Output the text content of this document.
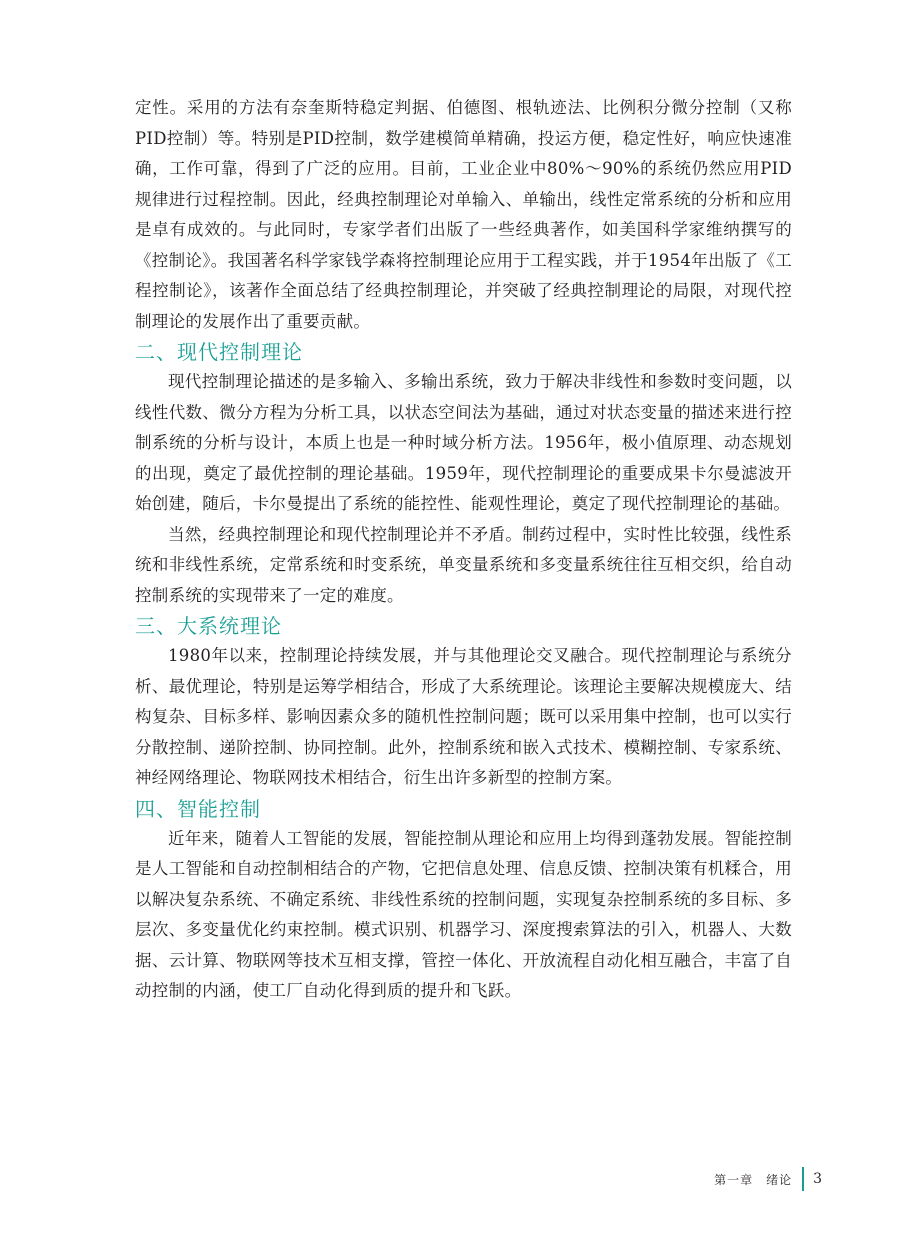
定性。采用的方法有奈奎斯特稳定判据、伯德图、根轨迹法、比例积分微分控制（又称PID控制）等。特别是PID控制，数学建模简单精确，投运方便，稳定性好，响应快速准确，工作可靠，得到了广泛的应用。目前，工业企业中80%～90%的系统仍然应用PID规律进行过程控制。因此，经典控制理论对单输入、单输出，线性定常系统的分析和应用是卓有成效的。与此同时，专家学者们出版了一些经典著作，如美国科学家维纳撰写的《控制论》。我国著名科学家钱学森将控制理论应用于工程实践，并于1954年出版了《工程控制论》，该著作全面总结了经典控制理论，并突破了经典控制理论的局限，对现代控制理论的发展作出了重要贡献。

二、现代控制理论

现代控制理论描述的是多输入、多输出系统，致力于解决非线性和参数时变问题，以线性代数、微分方程为分析工具，以状态空间法为基础，通过对状态变量的描述来进行控制系统的分析与设计，本质上也是一种时域分析方法。1956年，极小值原理、动态规划的出现，奠定了最优控制的理论基础。1959年，现代控制理论的重要成果卡尔曼滤波开始创建，随后，卡尔曼提出了系统的能控性、能观性理论，奠定了现代控制理论的基础。

当然，经典控制理论和现代控制理论并不矛盾。制药过程中，实时性比较强，线性系统和非线性系统，定常系统和时变系统，单变量系统和多变量系统往往互相交织，给自动控制系统的实现带来了一定的难度。

三、大系统理论

1980年以来，控制理论持续发展，并与其他理论交叉融合。现代控制理论与系统分析、最优理论，特别是运筹学相结合，形成了大系统理论。该理论主要解决规模庞大、结构复杂、目标多样、影响因素众多的随机性控制问题；既可以采用集中控制，也可以实行分散控制、递阶控制、协同控制。此外，控制系统和嵌入式技术、模糊控制、专家系统、神经网络理论、物联网技术相结合，衍生出许多新型的控制方案。

四、智能控制

近年来，随着人工智能的发展，智能控制从理论和应用上均得到蓬勃发展。智能控制是人工智能和自动控制相结合的产物，它把信息处理、信息反馈、控制决策有机糅合，用以解决复杂系统、不确定系统、非线性系统的控制问题，实现复杂控制系统的多目标、多层次、多变量优化约束控制。模式识别、机器学习、深度搜索算法的引入，机器人、大数据、云计算、物联网等技术互相支撑，管控一体化、开放流程自动化相互融合，丰富了自动控制的内涵，使工厂自动化得到质的提升和飞跃。

第一章　绪论 3
